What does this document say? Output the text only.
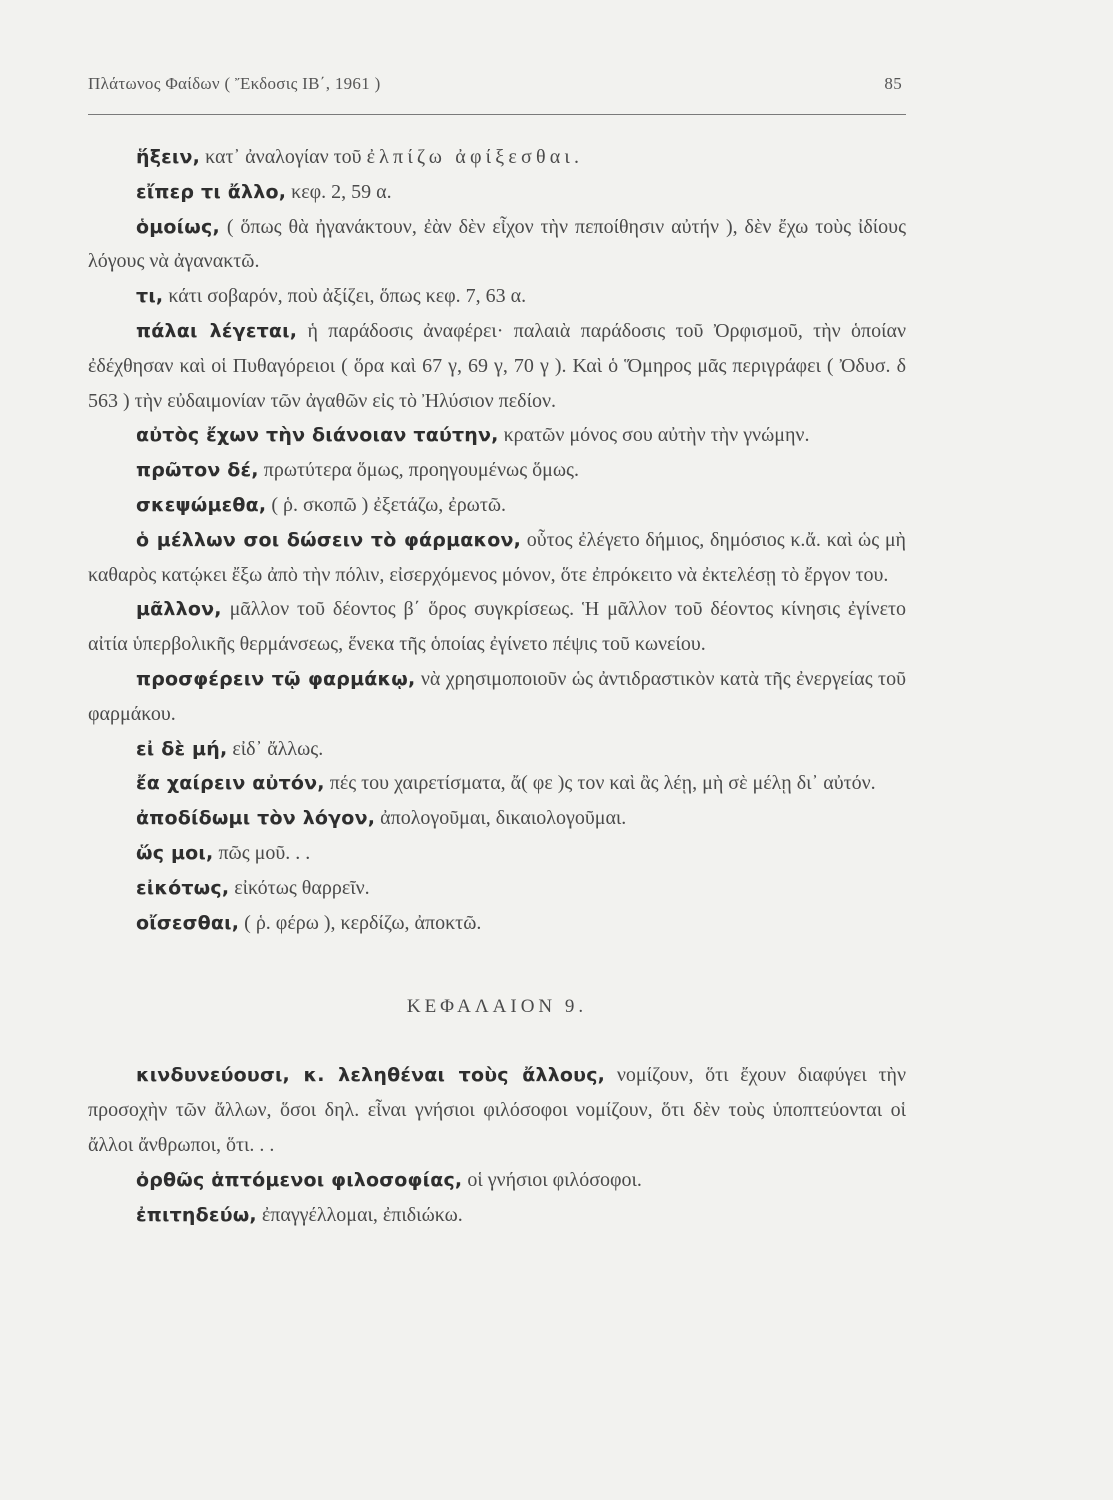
Πλάτωνος Φαίδων ( Ἔκδοσις ΙΒ΄, 1961 )	85

ἥξειν, κατ᾽ ἀναλογίαν τοῦ ἐλπίζω ἀφίξεσθαι.

εἴπερ τι ἄλλο, κεφ. 2, 59 α.

ὁμοίως, ( ὅπως θὰ ἠγανάκτουν, ἐὰν δὲν εἶχον τὴν πεποίθησιν αὐτήν ), δὲν ἔχω τοὺς ἰδίους λόγους νὰ ἀγανακτῶ.

τι, κάτι σοβαρόν, ποὺ ἀξίζει, ὅπως κεφ. 7, 63 α.

πάλαι λέγεται, ἡ παράδοσις ἀναφέρει· παλαιὰ παράδοσις τοῦ Ὀρφισμοῦ, τὴν ὁποίαν ἐδέχθησαν καὶ οἱ Πυθαγόρειοι ( ὅρα καὶ 67 γ, 69 γ, 70 γ ). Καὶ ὁ Ὅμηρος μᾶς περιγράφει ( Ὀδυσ. δ 563 ) τὴν εὐδαιμονίαν τῶν ἀγαθῶν εἰς τὸ Ἠλύσιον πεδίον.

αὐτὸς ἔχων τὴν διάνοιαν ταύτην, κρατῶν μόνος σου αὐτὴν τὴν γνώμην.

πρῶτον δέ, πρωτύτερα ὅμως, προηγουμένως ὅμως.

σκεψώμεθα, ( ῥ. σκοπῶ ) ἐξετάζω, ἐρωτῶ.

ὁ μέλλων σοι δώσειν τὸ φάρμακον, οὗτος ἐλέγετο δήμιος, δημόσιος κ.ἄ. καὶ ὡς μὴ καθαρὸς κατῴκει ἔξω ἀπὸ τὴν πόλιν, εἰσερχόμενος μόνον, ὅτε ἐπρόκειτο νὰ ἐκτελέσῃ τὸ ἔργον του.

μᾶλλον, μᾶλλον τοῦ δέοντος β΄ ὅρος συγκρίσεως. Ἡ μᾶλλον τοῦ δέοντος κίνησις ἐγίνετο αἰτία ὑπερβολικῆς θερμάνσεως, ἕνεκα τῆς ὁποίας ἐγίνετο πέψις τοῦ κωνείου.

προσφέρειν τῷ φαρμάκῳ, νὰ χρησιμοποιοῦν ὡς ἀντιδραστικὸν κατὰ τῆς ἐνεργείας τοῦ φαρμάκου.

εἰ δὲ μή, εἰδ᾽ ἄλλως.

ἔα χαίρειν αὐτόν, πές του χαιρετίσματα, ἄ( φε )ς τον καὶ ἂς λέῃ, μὴ σὲ μέλῃ δι᾽ αὐτόν.

ἀποδίδωμι τὸν λόγον, ἀπολογοῦμαι, δικαιολογοῦμαι.

ὥς μοι, πῶς μοῦ. . .

εἰκότως, εἰκότως θαρρεῖν.

οἴσεσθαι, ( ῥ. φέρω ), κερδίζω, ἀποκτῶ.

ΚΕΦΑΛΑΙΟΝ 9.

κινδυνεύουσι, κ. λεληθέναι τοὺς ἄλλους, νομίζουν, ὅτι ἔχουν διαφύγει τὴν προσοχὴν τῶν ἄλλων, ὅσοι δηλ. εἶναι γνήσιοι φιλόσοφοι νομίζουν, ὅτι δὲν τοὺς ὑποπτεύονται οἱ ἄλλοι ἄνθρωποι, ὅτι. . .

ὀρθῶς ἁπτόμενοι φιλοσοφίας, οἱ γνήσιοι φιλόσοφοι.

ἐπιτηδεύω, ἐπαγγέλλομαι, ἐπιδιώκω.
